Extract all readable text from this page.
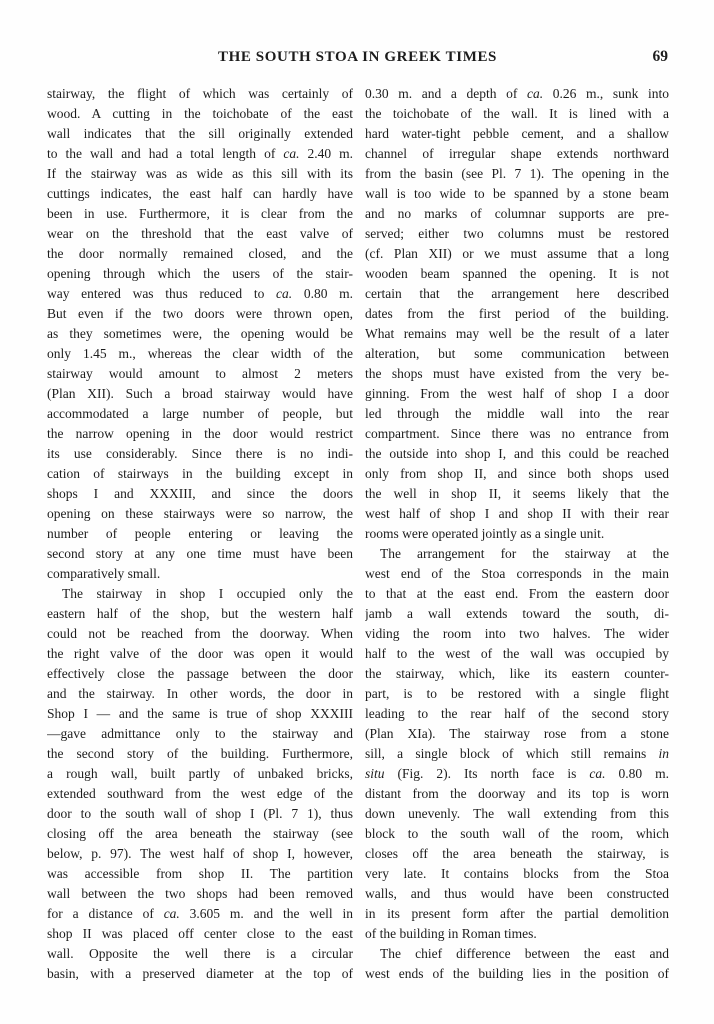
THE SOUTH STOA IN GREEK TIMES	69
stairway, the flight of which was certainly of
wood. A cutting in the toichobate of the east
wall indicates that the sill originally extended
to the wall and had a total length of ca. 2.40 m.
If the stairway was as wide as this sill with its
cuttings indicates, the east half can hardly have
been in use. Furthermore, it is clear from the
wear on the threshold that the east valve of
the door normally remained closed, and the
opening through which the users of the stair-
way entered was thus reduced to ca. 0.80 m.
But even if the two doors were thrown open,
as they sometimes were, the opening would be
only 1.45 m., whereas the clear width of the
stairway would amount to almost 2 meters
(Plan XII). Such a broad stairway would have
accommodated a large number of people, but
the narrow opening in the door would restrict
its use considerably. Since there is no indi-
cation of stairways in the building except in
shops I and XXXIII, and since the doors
opening on these stairways were so narrow, the
number of people entering or leaving the
second story at any one time must have been
comparatively small.
The stairway in shop I occupied only the
eastern half of the shop, but the western half
could not be reached from the doorway. When
the right valve of the door was open it would
effectively close the passage between the door
and the stairway. In other words, the door in
Shop I — and the same is true of shop XXXIII
—gave admittance only to the stairway and
the second story of the building. Furthermore,
a rough wall, built partly of unbaked bricks,
extended southward from the west edge of the
door to the south wall of shop I (Pl. 7 1), thus
closing off the area beneath the stairway (see
below, p. 97). The west half of shop I, however,
was accessible from shop II. The partition
wall between the two shops had been removed
for a distance of ca. 3.605 m. and the well in
shop II was placed off center close to the east
wall. Opposite the well there is a circular
basin, with a preserved diameter at the top of
0.30 m. and a depth of ca. 0.26 m., sunk into
the toichobate of the wall. It is lined with a
hard water-tight pebble cement, and a shallow
channel of irregular shape extends northward
from the basin (see Pl. 7 1). The opening in the
wall is too wide to be spanned by a stone beam
and no marks of columnar supports are pre-
served; either two columns must be restored
(cf. Plan XII) or we must assume that a long
wooden beam spanned the opening. It is not
certain that the arrangement here described
dates from the first period of the building.
What remains may well be the result of a later
alteration, but some communication between
the shops must have existed from the very be-
ginning. From the west half of shop I a door
led through the middle wall into the rear
compartment. Since there was no entrance from
the outside into shop I, and this could be reached
only from shop II, and since both shops used
the well in shop II, it seems likely that the
west half of shop I and shop II with their rear
rooms were operated jointly as a single unit.
The arrangement for the stairway at the
west end of the Stoa corresponds in the main
to that at the east end. From the eastern door
jamb a wall extends toward the south, di-
viding the room into two halves. The wider
half to the west of the wall was occupied by
the stairway, which, like its eastern counter-
part, is to be restored with a single flight
leading to the rear half of the second story
(Plan XIa). The stairway rose from a stone
sill, a single block of which still remains in
situ (Fig. 2). Its north face is ca. 0.80 m.
distant from the doorway and its top is worn
down unevenly. The wall extending from this
block to the south wall of the room, which
closes off the area beneath the stairway, is
very late. It contains blocks from the Stoa
walls, and thus would have been constructed
in its present form after the partial demolition
of the building in Roman times.
The chief difference between the east and
west ends of the building lies in the position of
